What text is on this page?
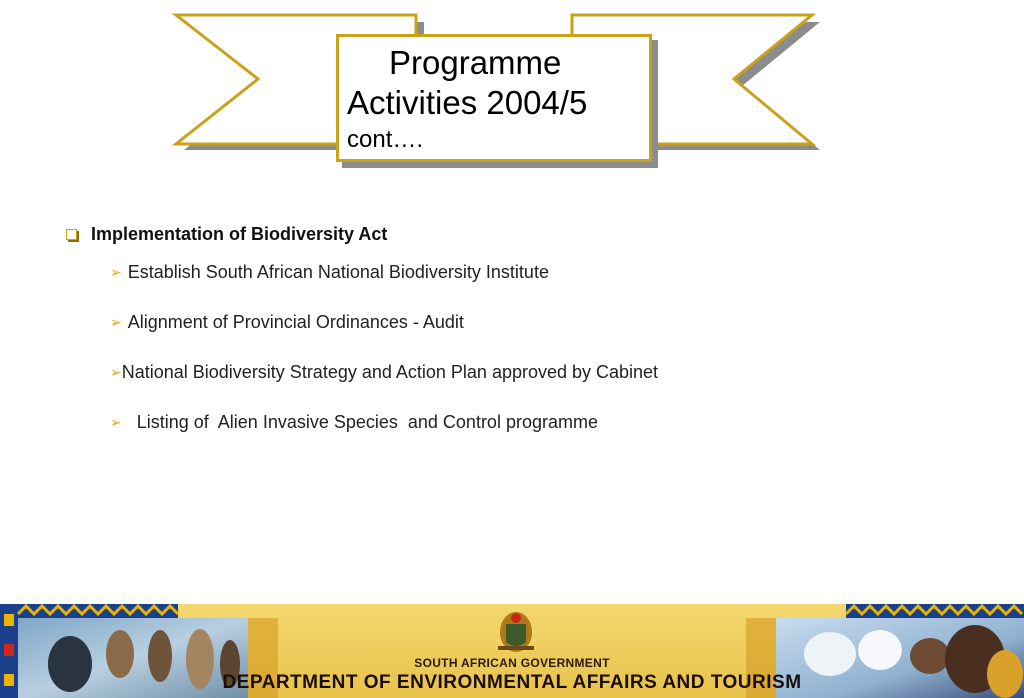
Programme
Activities 2004/5
cont….
Implementation of Biodiversity Act
➢ Establish South African National Biodiversity Institute
➢ Alignment of Provincial Ordinances - Audit
➢ National Biodiversity Strategy and Action Plan approved by Cabinet
➢ Listing of  Alien Invasive Species  and Control programme
SOUTH AFRICAN GOVERNMENT
DEPARTMENT OF ENVIRONMENTAL AFFAIRS AND TOURISM
